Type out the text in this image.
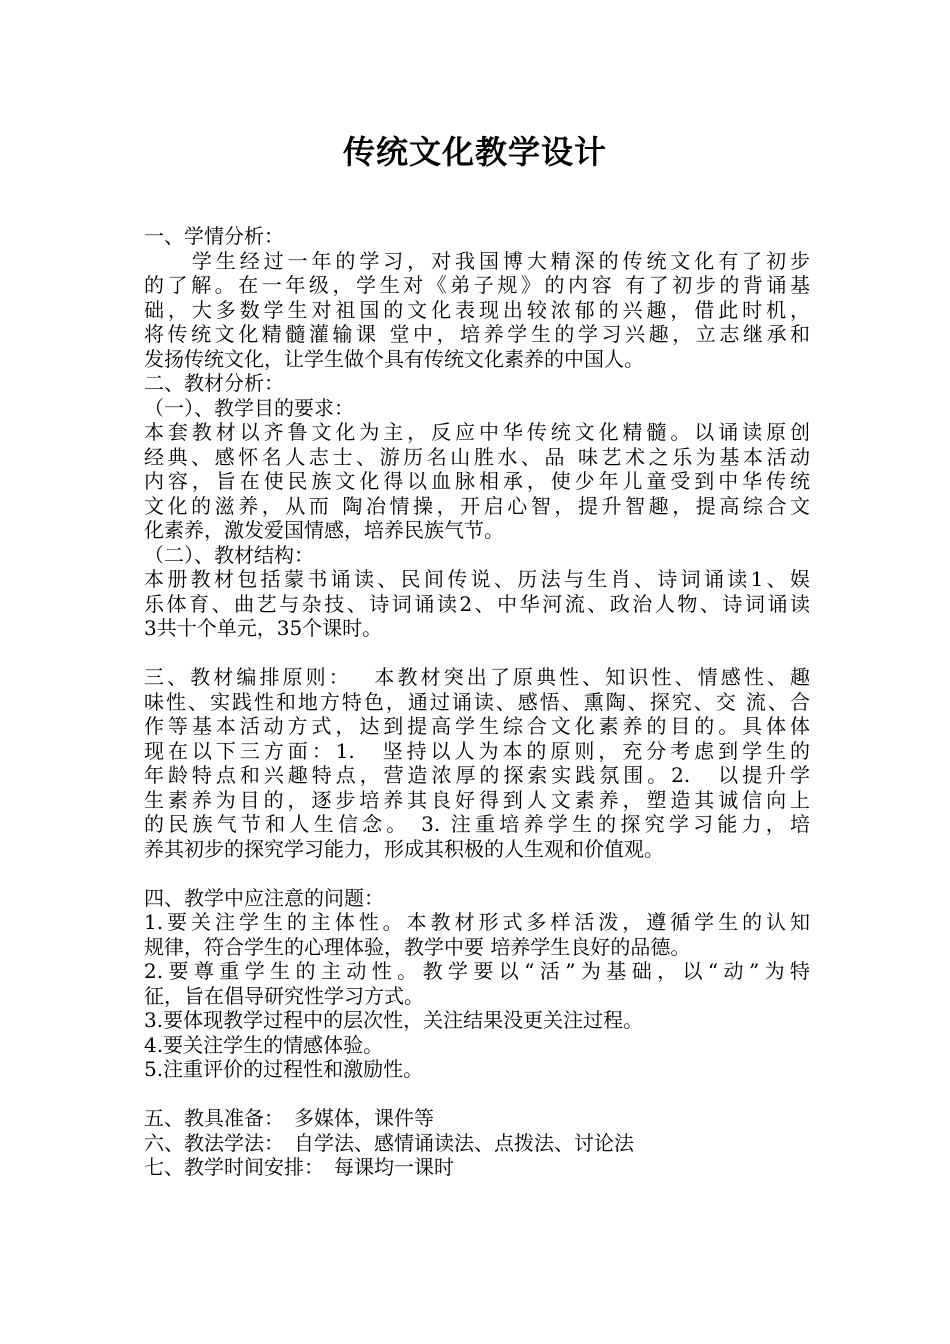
传统文化教学设计
一、学情分析：
　　学生经过一年的学习，对我国博大精深的传统文化有了初步
的了解。在一年级，学生对《弟子规》的内容 有了初步的背诵基
础，大多数学生对祖国的文化表现出较浓郁的兴趣，借此时机，
将传统文化精髓灌输课 堂中，培养学生的学习兴趣，立志继承和
发扬传统文化，让学生做个具有传统文化素养的中国人。
二、教材分析：
（一）、教学目的要求：
本套教材以齐鲁文化为主，反应中华传统文化精髓。以诵读原创
经典、感怀名人志士、游历名山胜水、品 味艺术之乐为基本活动
内容，旨在使民族文化得以血脉相承，使少年儿童受到中华传统
文化的滋养，从而 陶冶情操，开启心智，提升智趣，提高综合文
化素养，激发爱国情感，培养民族气节。
（二）、教材结构：
本册教材包括蒙书诵读、民间传说、历法与生肖、诗词诵读1、娱
乐体育、曲艺与杂技、诗词诵读2、中华河流、政治人物、诗词诵读
3共十个单元，35个课时。
三、教材编排原则：　 本教材突出了原典性、知识性、情感性、趣
味性、实践性和地方特色，通过诵读、感悟、熏陶、探究、交 流、合
作等基本活动方式，达到提高学生综合文化素养的目的。具体体
现在以下三方面：1.　坚持以人为本的原则，充分考虑到学生的
年龄特点和兴趣特点，营造浓厚的探索实践氛围。2.　以提升学
生素养为目的，逐步培养其良好得到人文素养，塑造其诚信向上
的民族气节和人生信念。 3. 注重培养学生的探究学习能力，培
养其初步的探究学习能力，形成其积极的人生观和价值观。
四、教学中应注意的问题：
1.要关注学生的主体性。本教材形式多样活泼，遵循学生的认知
规律，符合学生的心理体验，教学中要 培养学生良好的品德。
2.要尊重学生的主动性。教学要以“活”为基础，以“动”为特
征，旨在倡导研究性学习方式。
3.要体现教学过程中的层次性，关注结果没更关注过程。
4.要关注学生的情感体验。
5.注重评价的过程性和激励性。
五、教具准备：　多媒体，课件等
六、教法学法：　自学法、感情诵读法、点拨法、讨论法
七、教学时间安排：　每课均一课时
